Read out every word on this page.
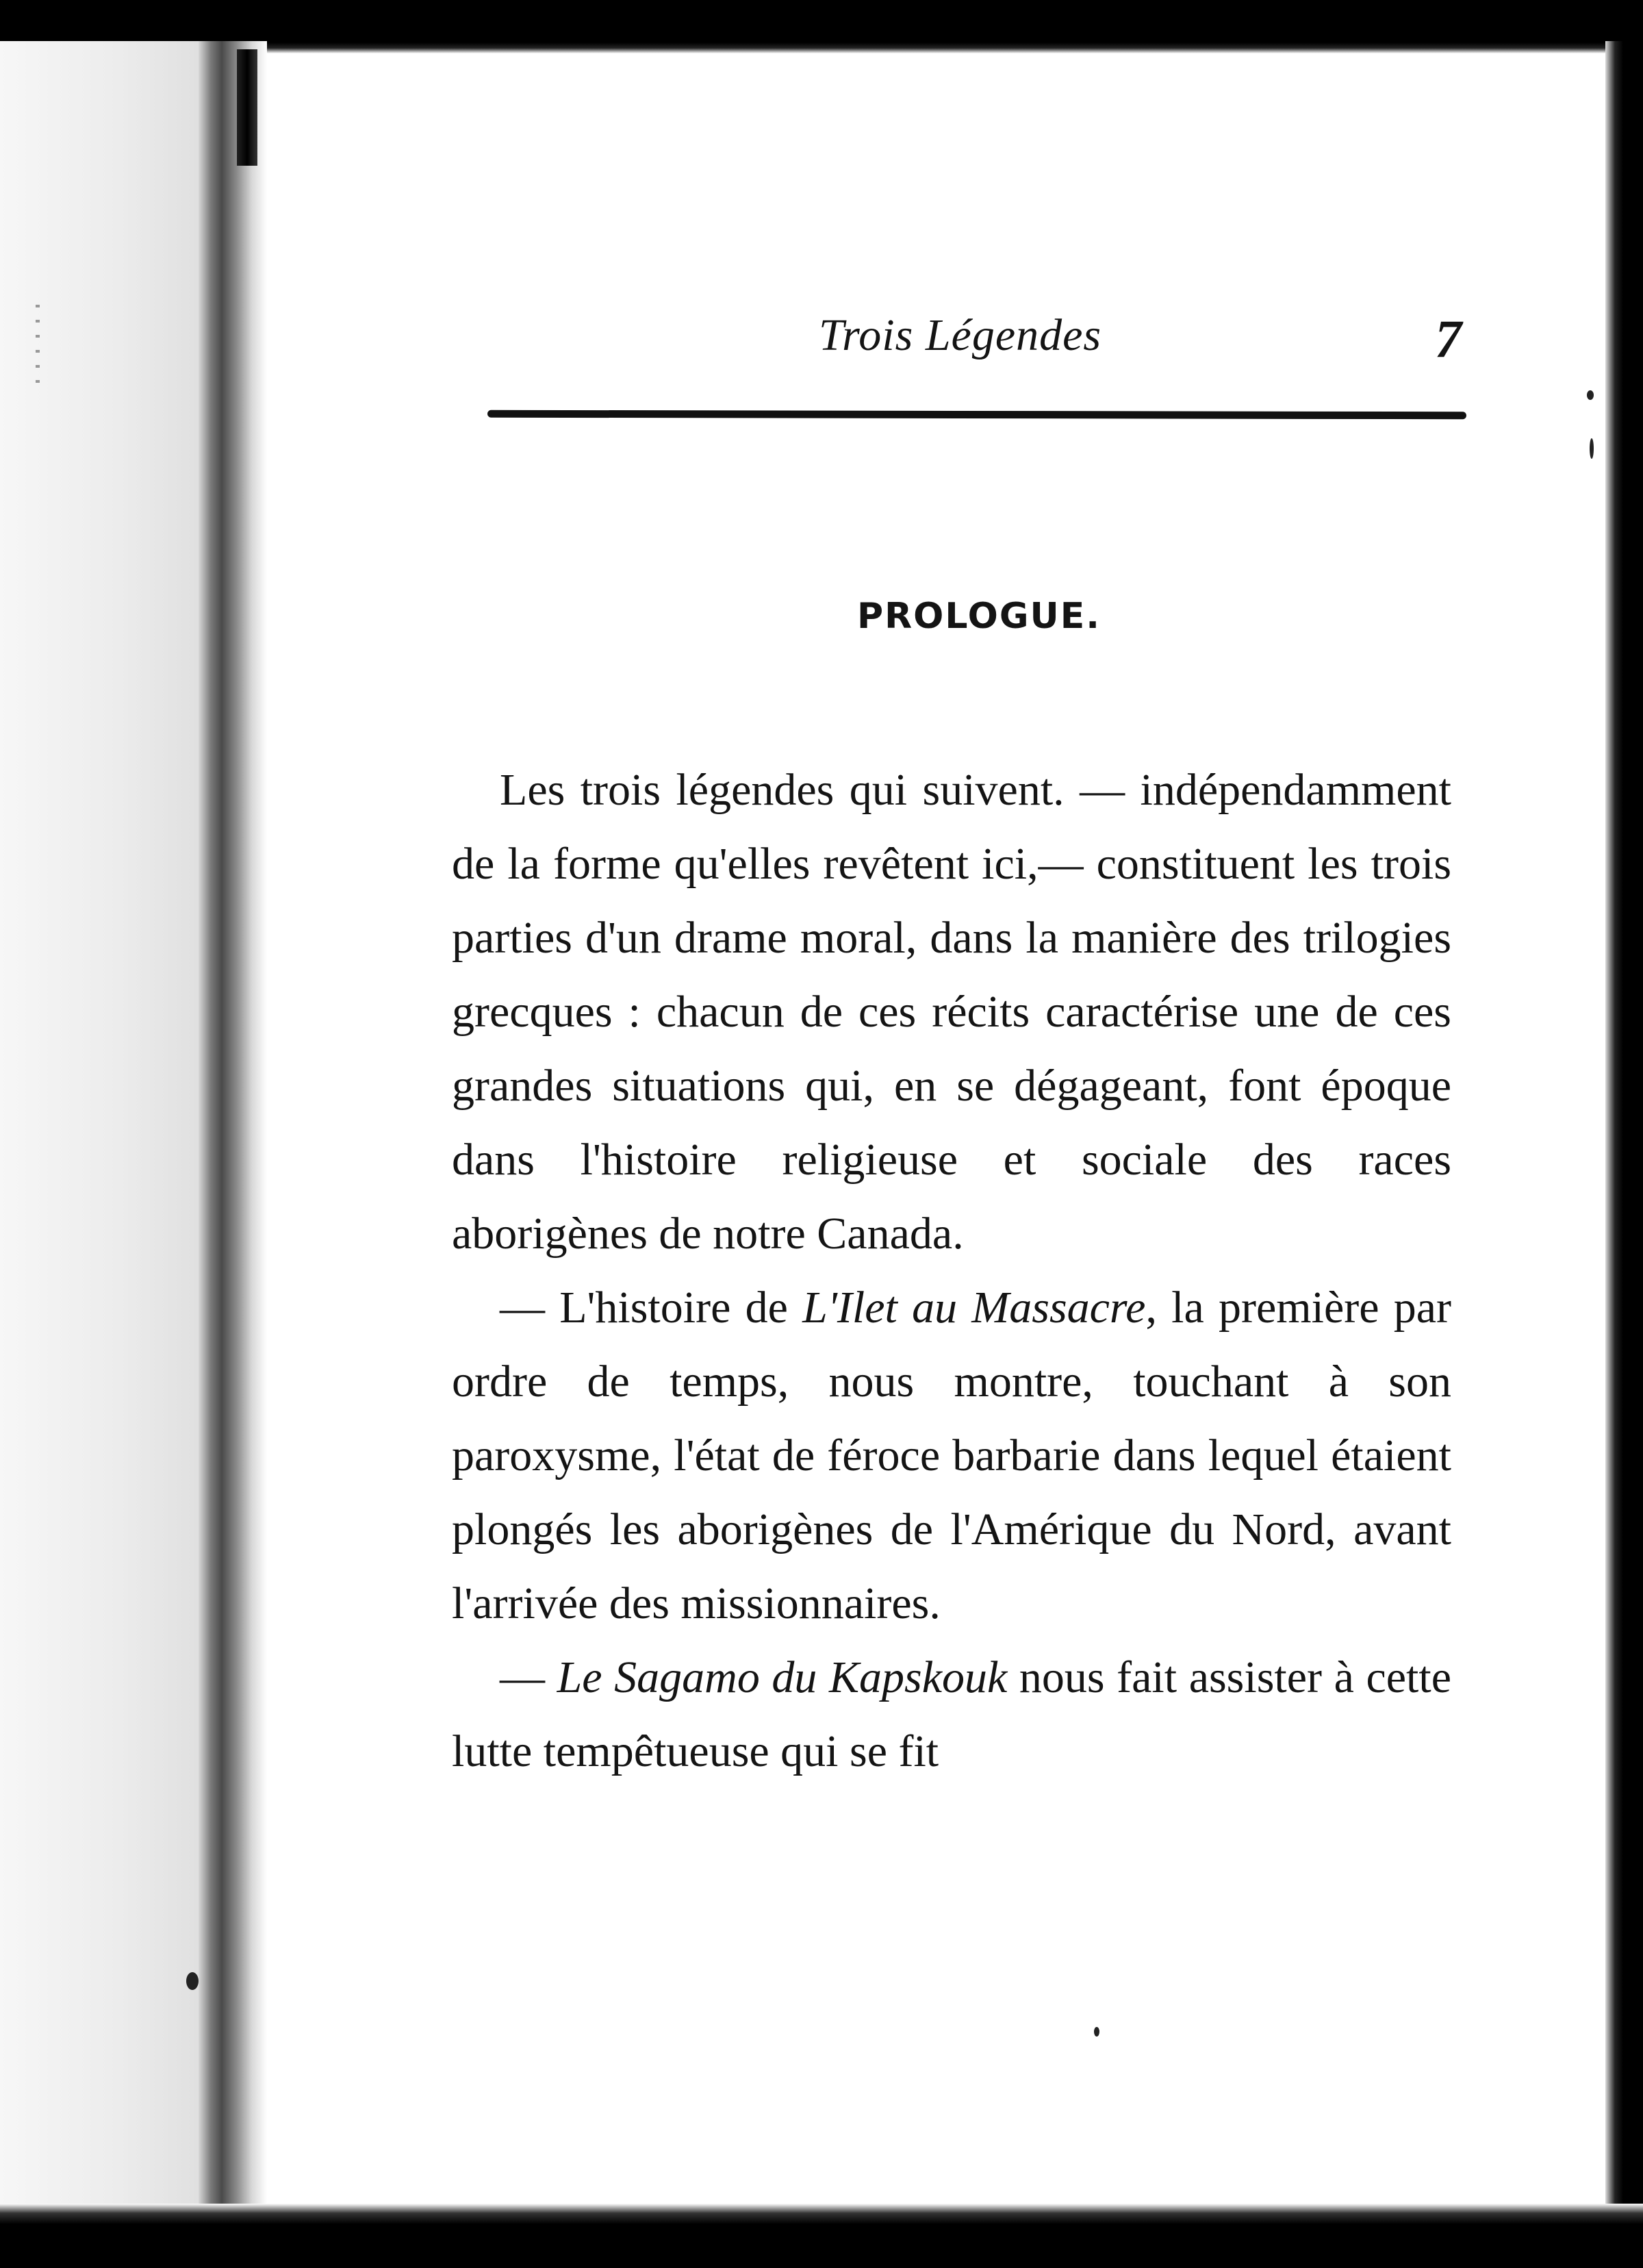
Trois Légendes	7
PROLOGUE.

Les trois légendes qui suivent. — indépendamment de la forme qu'elles revêtent ici,— constituent les trois parties d'un drame moral, dans la manière des trilogies grecques : chacun de ces récits caractérise une de ces grandes situations qui, en se dégageant, font époque dans l'histoire religieuse et sociale des races aborigènes de notre Canada.

— L'histoire de L'Ilet au Massacre, la première par ordre de temps, nous montre, touchant à son paroxysme, l'état de féroce barbarie dans lequel étaient plongés les aborigènes de l'Amérique du Nord, avant l'arrivée des missionnaires.

— Le Sagamo du Kapskouk nous fait assister à cette lutte tempêtueuse qui se fit
